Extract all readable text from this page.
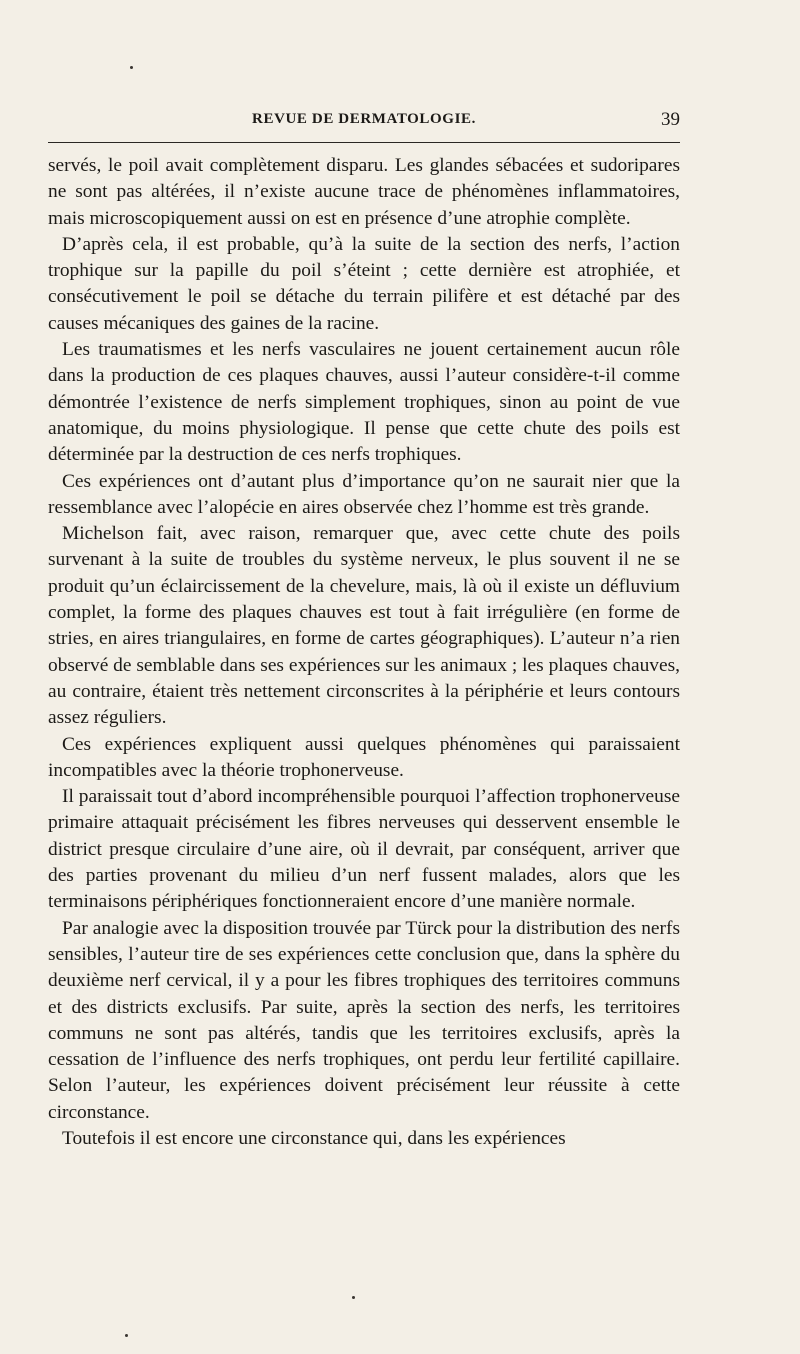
REVUE DE DERMATOLOGIE.	39

servés, le poil avait complètement disparu. Les glandes sébacées et sudoripares ne sont pas altérées, il n’existe aucune trace de phénomènes inflammatoires, mais microscopiquement aussi on est en présence d’une atrophie complète.

D’après cela, il est probable, qu’à la suite de la section des nerfs, l’action trophique sur la papille du poil s’éteint ; cette dernière est atrophiée, et consécutivement le poil se détache du terrain pilifère et est détaché par des causes mécaniques des gaines de la racine.

Les traumatismes et les nerfs vasculaires ne jouent certainement aucun rôle dans la production de ces plaques chauves, aussi l’auteur considère-t-il comme démontrée l’existence de nerfs simplement trophiques, sinon au point de vue anatomique, du moins physiologique. Il pense que cette chute des poils est déterminée par la destruction de ces nerfs trophiques.

Ces expériences ont d’autant plus d’importance qu’on ne saurait nier que la ressemblance avec l’alopécie en aires observée chez l’homme est très grande.

Michelson fait, avec raison, remarquer que, avec cette chute des poils survenant à la suite de troubles du système nerveux, le plus souvent il ne se produit qu’un éclaircissement de la chevelure, mais, là où il existe un défluvium complet, la forme des plaques chauves est tout à fait irrégulière (en forme de stries, en aires triangulaires, en forme de cartes géographiques). L’auteur n’a rien observé de semblable dans ses expériences sur les animaux ; les plaques chauves, au contraire, étaient très nettement circonscrites à la périphérie et leurs contours assez réguliers.

Ces expériences expliquent aussi quelques phénomènes qui paraissaient incompatibles avec la théorie trophonerveuse.

Il paraissait tout d’abord incompréhensible pourquoi l’affection trophonerveuse primaire attaquait précisément les fibres nerveuses qui desservent ensemble le district presque circulaire d’une aire, où il devrait, par conséquent, arriver que des parties provenant du milieu d’un nerf fussent malades, alors que les terminaisons périphériques fonctionneraient encore d’une manière normale.

Par analogie avec la disposition trouvée par Türck pour la distribution des nerfs sensibles, l’auteur tire de ses expériences cette conclusion que, dans la sphère du deuxième nerf cervical, il y a pour les fibres trophiques des territoires communs et des districts exclusifs. Par suite, après la section des nerfs, les territoires communs ne sont pas altérés, tandis que les territoires exclusifs, après la cessation de l’influence des nerfs trophiques, ont perdu leur fertilité capillaire. Selon l’auteur, les expériences doivent précisément leur réussite à cette circonstance.

Toutefois il est encore une circonstance qui, dans les expériences
